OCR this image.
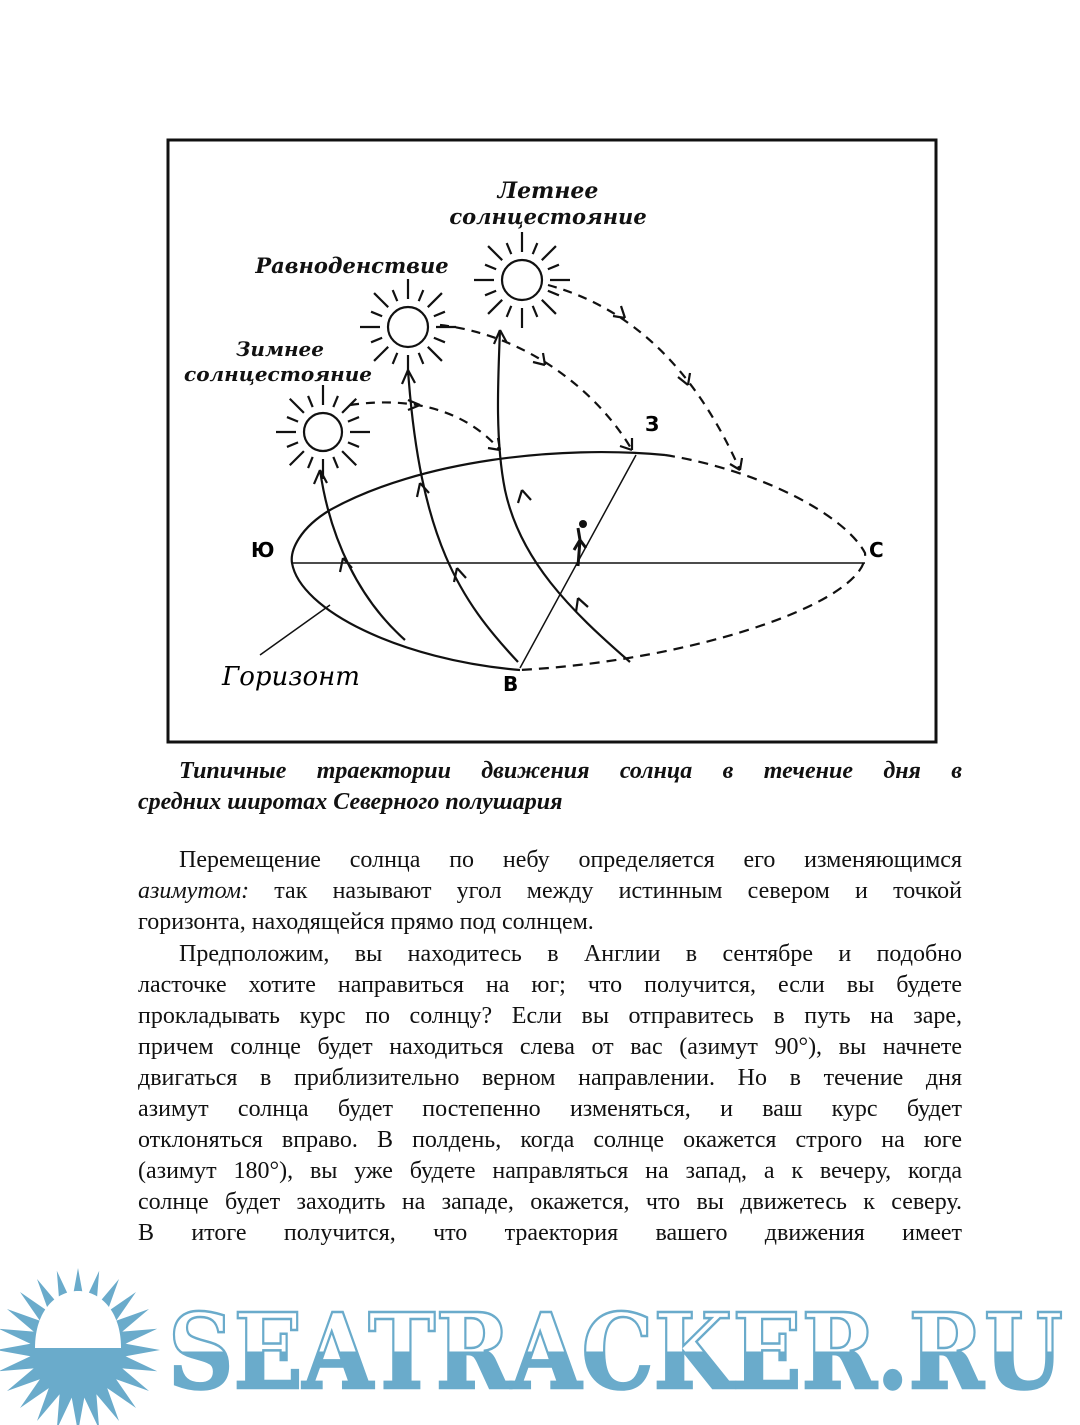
Летнее
солнцестояние
Равноденствие
Зимнее
солнцестояние
З
Ю	С
В
Горизонт
Типичные траектории движения солнца в течение дня в
средних широтах Северного полушария
Перемещение солнца по небу определяется его изменяющимся
азимутом: так называют угол между истинным севером и точкой
горизонта, находящейся прямо под солнцем.
Предположим, вы находитесь в Англии в сентябре и подобно
ласточке хотите направиться на юг; что получится, если вы будете
прокладывать курс по солнцу? Если вы отправитесь в путь на заре,
причем солнце будет находиться слева от вас (азимут 90°), вы начнете
двигаться в приблизительно верном направлении. Но в течение дня
азимут солнца будет постепенно изменяться, и ваш курс будет
отклоняться вправо. В полдень, когда солнце окажется строго на юге
(азимут 180°), вы уже будете направляться на запад, а к вечеру, когда
солнце будет заходить на западе, окажется, что вы движетесь к северу.
В итоге получится, что траектория вашего движения имеет
SEATRACKER.RU
